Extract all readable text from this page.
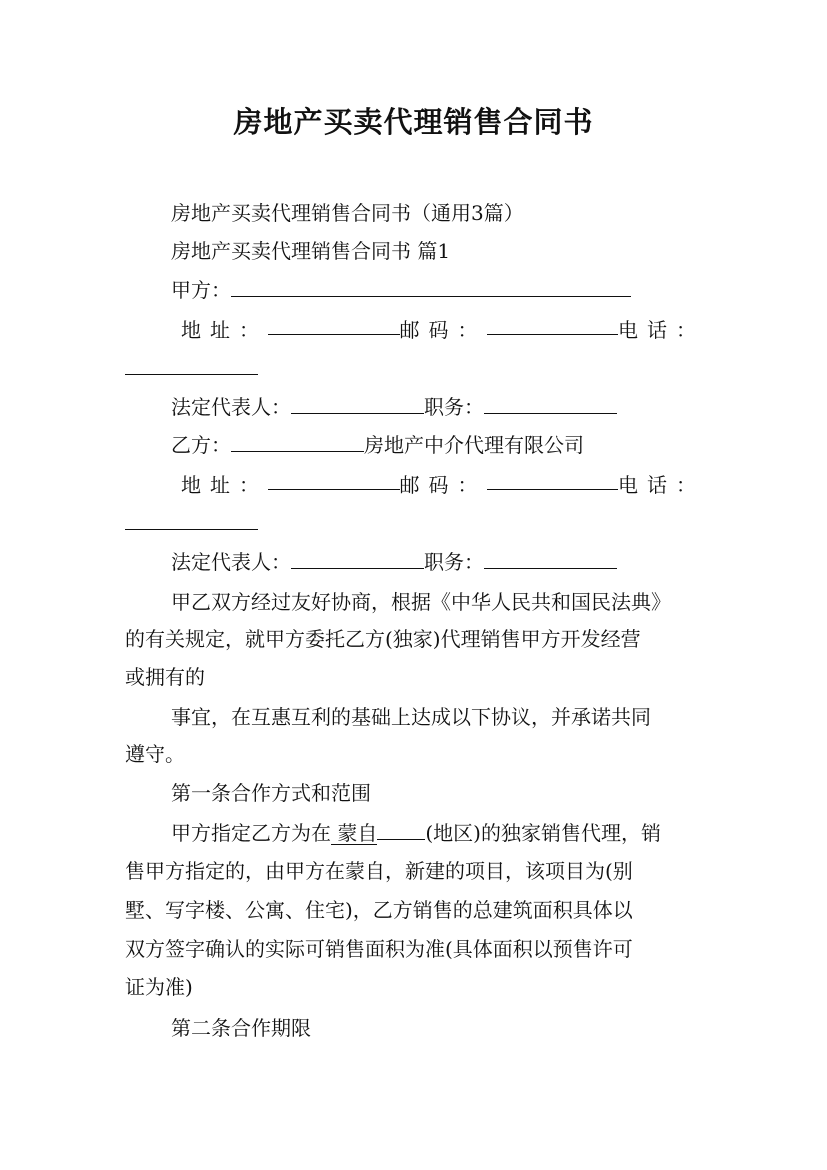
房地产买卖代理销售合同书
房地产买卖代理销售合同书（通用3篇）
房地产买卖代理销售合同书 篇1
甲方：
地址：	邮码：	电话：
法定代表人：	职务：
乙方：	房地产中介代理有限公司
地址：	邮码：	电话：
法定代表人：	职务：
甲乙双方经过友好协商，根据《中华人民共和国民法典》
的有关规定，就甲方委托乙方(独家)代理销售甲方开发经营
或拥有的
事宜，在互惠互利的基础上达成以下协议，并承诺共同
遵守。
第一条合作方式和范围
甲方指定乙方为在 蒙自 (地区)的独家销售代理，销
售甲方指定的，由甲方在蒙自，新建的项目，该项目为(别
墅、写字楼、公寓、住宅)，乙方销售的总建筑面积具体以
双方签字确认的实际可销售面积为准(具体面积以预售许可
证为准)
第二条合作期限
